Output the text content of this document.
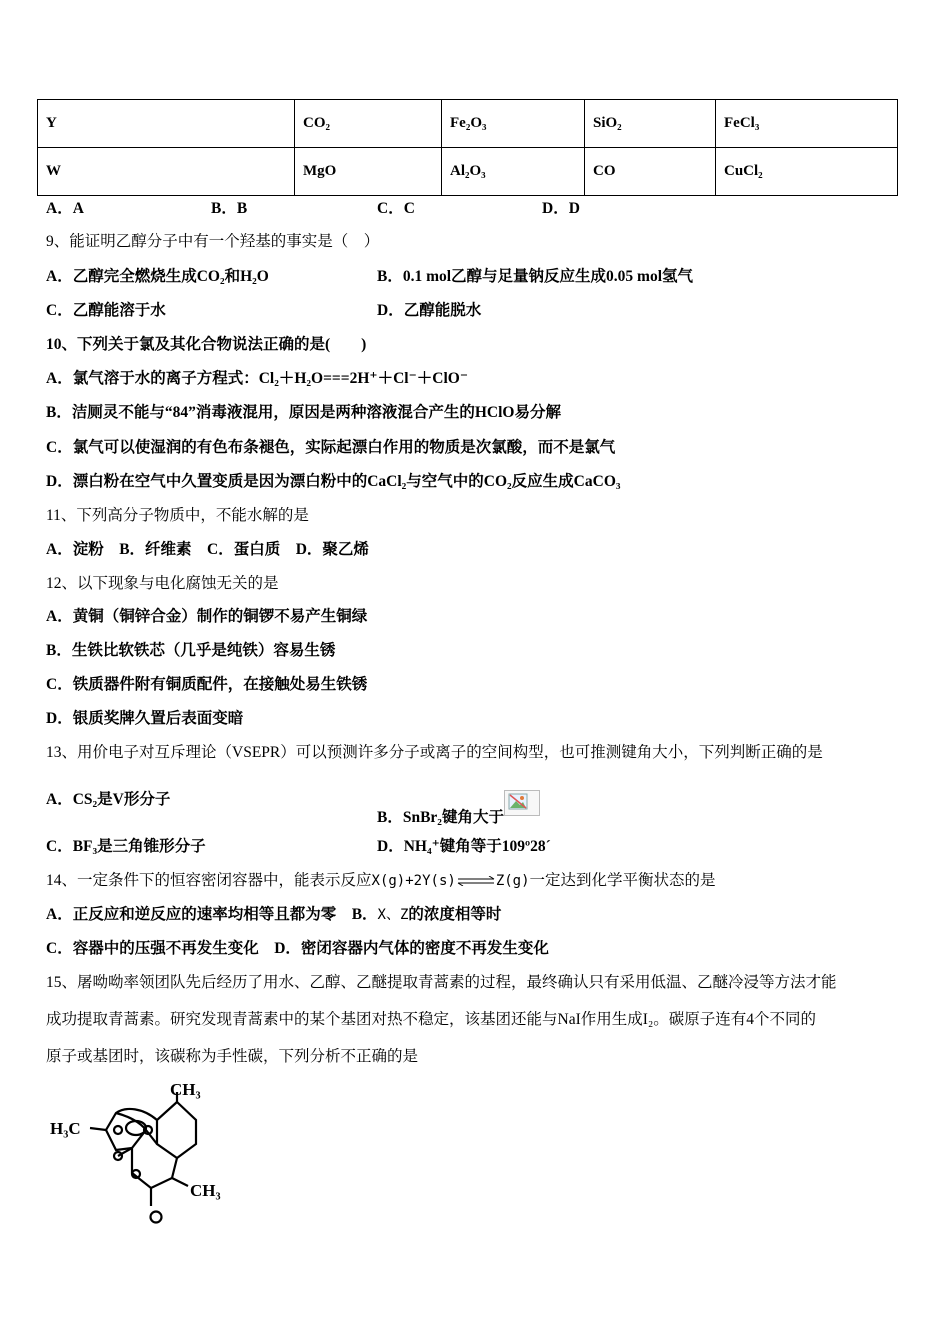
Y	CO₂	Fe₂O₃	SiO₂	FeCl₃
W	MgO	Al₂O₃	CO	CuCl₂
A．A	B．B	C．C	D．D
9、能证明乙醇分子中有一个羟基的事实是（　）
A．乙醇完全燃烧生成CO₂和H₂O	B．0.1 mol乙醇与足量钠反应生成0.05 mol氢气
C．乙醇能溶于水	D．乙醇能脱水
10、下列关于氯及其化合物说法正确的是(　　)
A．氯气溶于水的离子方程式：Cl₂＋H₂O===2H⁺＋Cl⁻＋ClO⁻
B．洁厕灵不能与“84”消毒液混用，原因是两种溶液混合产生的HClO易分解
C．氯气可以使湿润的有色布条褪色，实际起漂白作用的物质是次氯酸，而不是氯气
D．漂白粉在空气中久置变质是因为漂白粉中的CaCl₂与空气中的CO₂反应生成CaCO₃
11、下列高分子物质中，不能水解的是
A．淀粉　B．纤维素　C．蛋白质　D．聚乙烯
12、以下现象与电化腐蚀无关的是
A．黄铜（铜锌合金）制作的铜锣不易产生铜绿
B．生铁比软铁芯（几乎是纯铁）容易生锈
C．铁质器件附有铜质配件，在接触处易生铁锈
D．银质奖牌久置后表面变暗
13、用价电子对互斥理论（VSEPR）可以预测许多分子或离子的空间构型，也可推测键角大小，下列判断正确的是
A．CS₂是V形分子
B．SnBr₂键角大于
C．BF₃是三角锥形分子	D．NH₄⁺键角等于109º28´
14、一定条件下的恒容密闭容器中，能表示反应X(g)+2Y(s)⇌Z(g)一定达到化学平衡状态的是
A．正反应和逆反应的速率均相等且都为零　B．X、Z的浓度相等时
C．容器中的压强不再发生变化　D．密闭容器内气体的密度不再发生变化
15、屠呦呦率领团队先后经历了用水、乙醇、乙醚提取青蒿素的过程，最终确认只有采用低温、乙醚冷浸等方法才能
成功提取青蒿素。研究发现青蒿素中的某个基团对热不稳定，该基团还能与NaI作用生成I₂。碳原子连有4个不同的
原子或基团时，该碳称为手性碳，下列分析不正确的是
CH₃
H₃C
CH₃
